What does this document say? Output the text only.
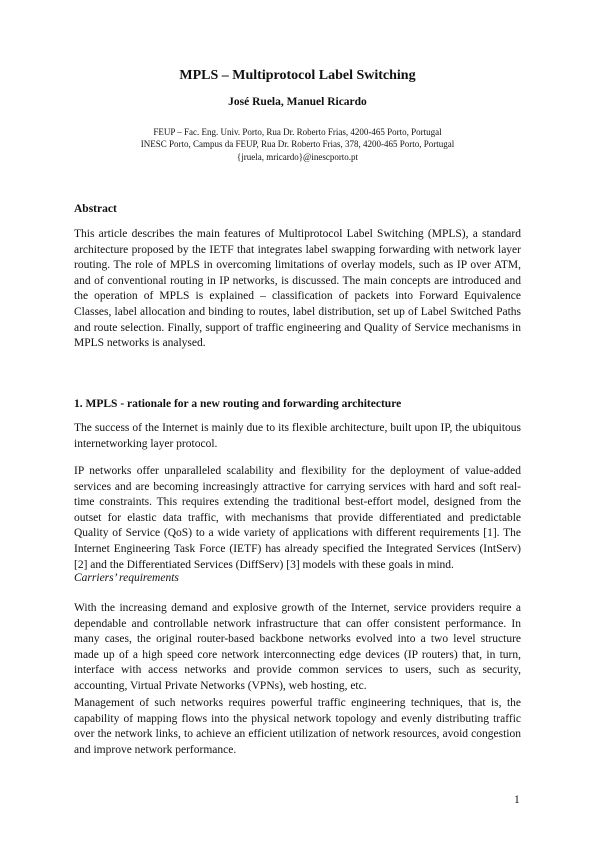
MPLS – Multiprotocol Label Switching
José Ruela, Manuel Ricardo
FEUP – Fac. Eng. Univ. Porto, Rua Dr. Roberto Frias, 4200-465 Porto, Portugal
INESC Porto, Campus da FEUP, Rua Dr. Roberto Frias, 378, 4200-465 Porto, Portugal
{jruela, mricardo}@inescporto.pt
Abstract
This article describes the main features of Multiprotocol Label Switching (MPLS), a standard architecture proposed by the IETF that integrates label swapping forwarding with network layer routing. The role of MPLS in overcoming limitations of overlay models, such as IP over ATM, and of conventional routing in IP networks, is discussed. The main concepts are introduced and the operation of MPLS is explained – classification of packets into Forward Equivalence Classes, label allocation and binding to routes, label distribution, set up of Label Switched Paths and route selection. Finally, support of traffic engineering and Quality of Service mechanisms in MPLS networks is analysed.
1. MPLS - rationale for a new routing and forwarding architecture
The success of the Internet is mainly due to its flexible architecture, built upon IP, the ubiquitous internetworking layer protocol.
IP networks offer unparalleled scalability and flexibility for the deployment of value-added services and are becoming increasingly attractive for carrying services with hard and soft real-time constraints. This requires extending the traditional best-effort model, designed from the outset for elastic data traffic, with mechanisms that provide differentiated and predictable Quality of Service (QoS) to a wide variety of applications with different requirements [1]. The Internet Engineering Task Force (IETF) has already specified the Integrated Services (IntServ) [2] and the Differentiated Services (DiffServ) [3] models with these goals in mind.
Carriers’ requirements
With the increasing demand and explosive growth of the Internet, service providers require a dependable and controllable network infrastructure that can offer consistent performance. In many cases, the original router-based backbone networks evolved into a two level structure made up of a high speed core network interconnecting edge devices (IP routers) that, in turn, interface with access networks and provide common services to users, such as security, accounting, Virtual Private Networks (VPNs), web hosting, etc.
Management of such networks requires powerful traffic engineering techniques, that is, the capability of mapping flows into the physical network topology and evenly distributing traffic over the network links, to achieve an efficient utilization of network resources, avoid congestion and improve network performance.
1
